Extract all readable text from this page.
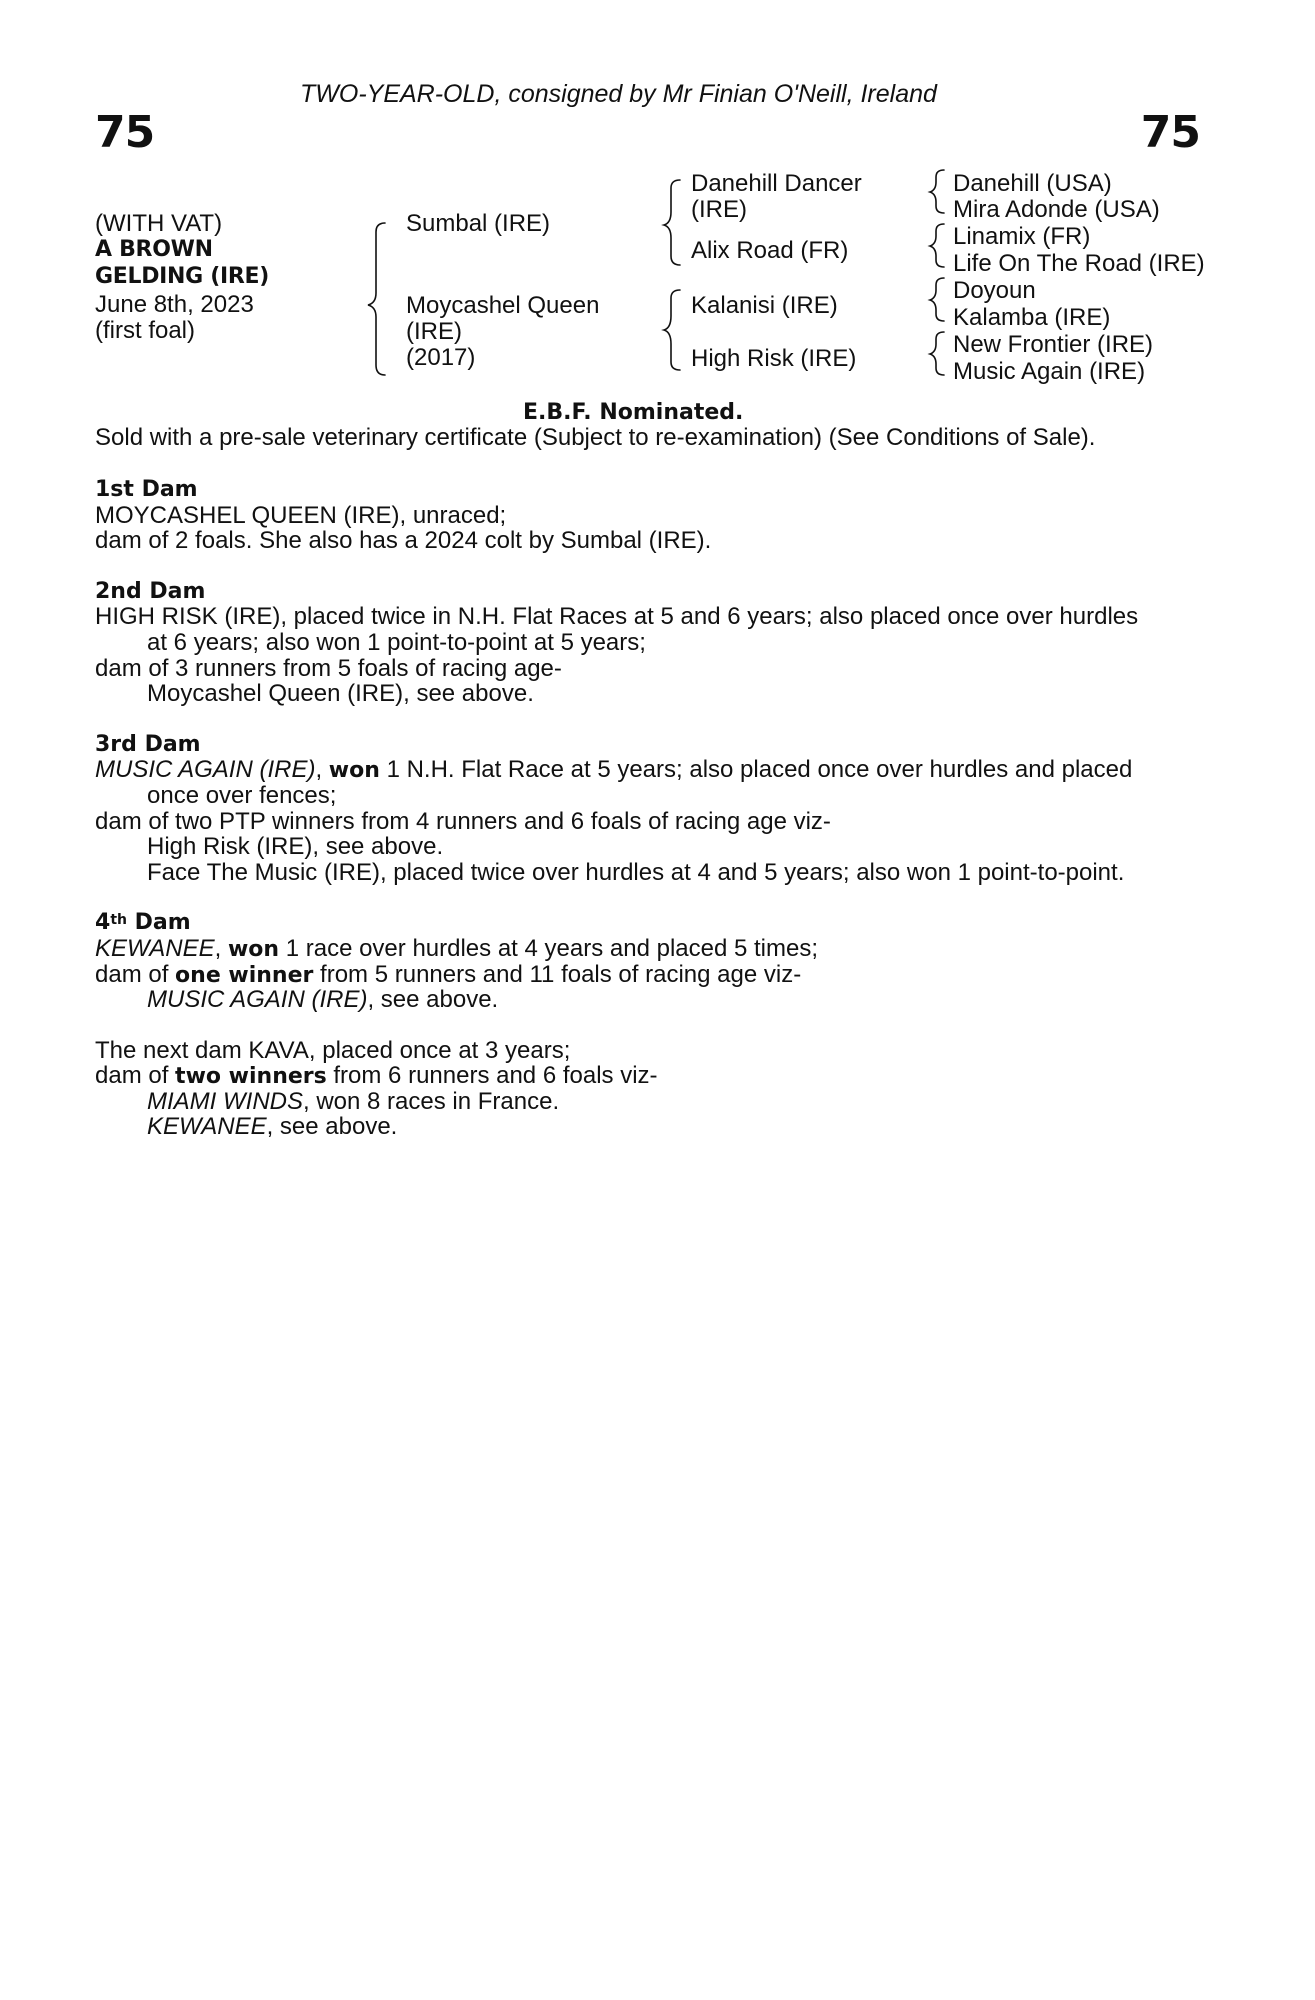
TWO-YEAR-OLD, consigned by Mr Finian O'Neill, Ireland
75	75
(WITH VAT)
A BROWN
GELDING (IRE)
June 8th, 2023
(first foal)
Sumbal (IRE)
Moycashel Queen
(IRE)
(2017)
Danehill Dancer
(IRE)
Alix Road (FR)
Kalanisi (IRE)
High Risk (IRE)
Danehill (USA)
Mira Adonde (USA)
Linamix (FR)
Life On The Road (IRE)
Doyoun
Kalamba (IRE)
New Frontier (IRE)
Music Again (IRE)
E.B.F. Nominated.
Sold with a pre-sale veterinary certificate (Subject to re-examination) (See Conditions of Sale).
1st Dam
MOYCASHEL QUEEN (IRE), unraced;
dam of 2 foals. She also has a 2024 colt by Sumbal (IRE).
2nd Dam
HIGH RISK (IRE), placed twice in N.H. Flat Races at 5 and 6 years; also placed once over hurdles
at 6 years; also won 1 point-to-point at 5 years;
dam of 3 runners from 5 foals of racing age-
Moycashel Queen (IRE), see above.
3rd Dam
MUSIC AGAIN (IRE), won 1 N.H. Flat Race at 5 years; also placed once over hurdles and placed
once over fences;
dam of two PTP winners from 4 runners and 6 foals of racing age viz-
High Risk (IRE), see above.
Face The Music (IRE), placed twice over hurdles at 4 and 5 years; also won 1 point-to-point.
4th Dam
KEWANEE, won 1 race over hurdles at 4 years and placed 5 times;
dam of one winner from 5 runners and 11 foals of racing age viz-
MUSIC AGAIN (IRE), see above.
The next dam KAVA, placed once at 3 years;
dam of two winners from 6 runners and 6 foals viz-
MIAMI WINDS, won 8 races in France.
KEWANEE, see above.
